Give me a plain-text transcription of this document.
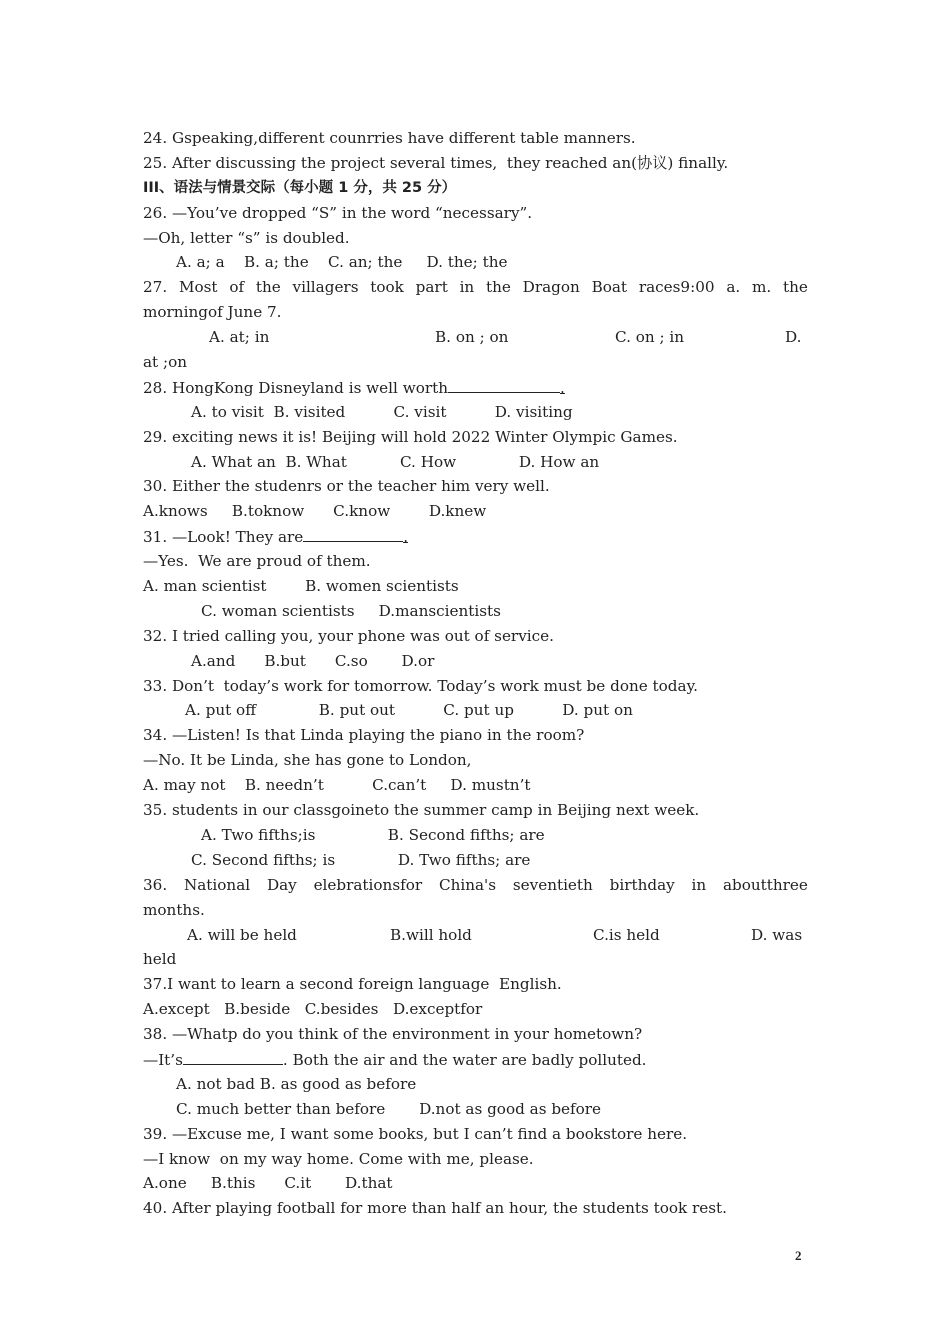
24. Gspeaking,different counrries have different table manners.
25. After discussing the project several times,  they reached an(协议) finally.
III、语法与情景交际（每小题 1 分，共 25 分）
26. —You’ve dropped “S” in the word “necessary”.
—Oh, letter “s” is doubled.
A. a; a    B. a; the    C. an; the     D. the; the
27. Most of the villagers took part in the Dragon Boat races9:00 a. m. the
morningof June 7.
A. at; in	B. on ; on	C. on ; in	D.
at ;on
28. HongKong Disneyland is well worth	.
A. to visit  B. visited          C. visit          D. visiting
29. exciting news it is! Beijing will hold 2022 Winter Olympic Games.
A. What an  B. What           C. How             D. How an
30. Either the studenrs or the teacher him very well.
A.knows     B.toknow      C.know        D.knew
31. —Look! They are	.
—Yes.  We are proud of them.
A. man scientist        B. women scientists
C. woman scientists     D.manscientists
32. I tried calling you, your phone was out of service.
A.and      B.but      C.so       D.or
33. Don’t  today’s work for tomorrow. Today’s work must be done today.
A. put off             B. put out          C. put up          D. put on
34. —Listen! Is that Linda playing the piano in the room?
—No. It be Linda, she has gone to London,
A. may not    B. needn’t          C.can’t     D. mustn’t
35. students in our classgoineto the summer camp in Beijing next week.
A. Two fifths;is               B. Second fifths; are
C. Second fifths; is             D. Two fifths; are
36. National Day elebrationsfor China's seventieth birthday in aboutthree
months.
A. will be held	B.will hold	C.is held	D. was
held
37.I want to learn a second foreign language  English.
A.except   B.beside   C.besides   D.exceptfor
38. —Whatp do you think of the environment in your hometown?
—It’s	. Both the air and the water are badly polluted.
A. not bad B. as good as before
C. much better than before       D.not as good as before
39. —Excuse me, I want some books, but I can’t find a bookstore here.
—I know  on my way home. Come with me, please.
A.one     B.this      C.it       D.that
40. After playing football for more than half an hour, the students took rest.
2
